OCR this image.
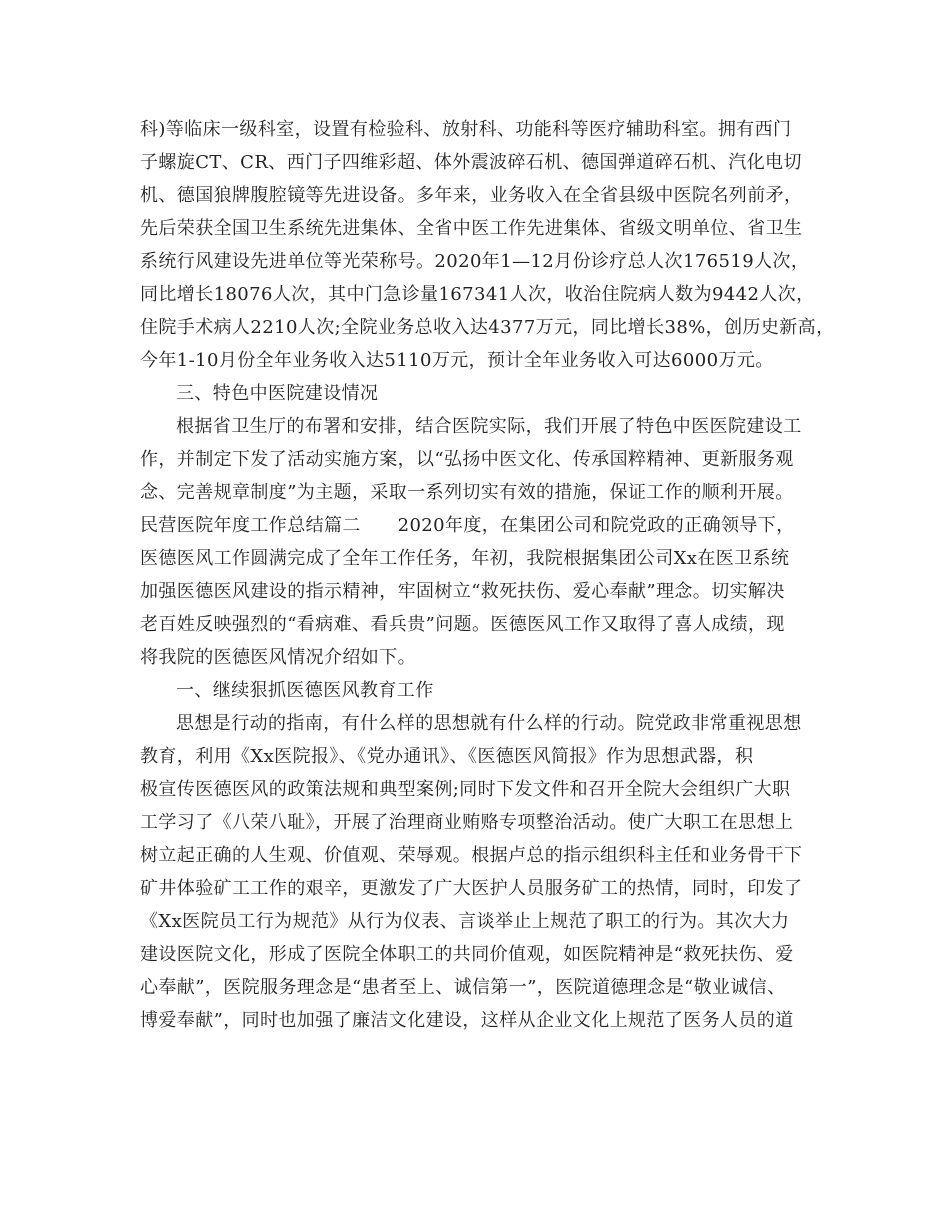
科)等临床一级科室，设置有检验科、放射科、功能科等医疗辅助科室。拥有西门
子螺旋CT、CR、西门子四维彩超、体外震波碎石机、德国弹道碎石机、汽化电切
机、德国狼牌腹腔镜等先进设备。多年来，业务收入在全省县级中医院名列前矛，
先后荣获全国卫生系统先进集体、全省中医工作先进集体、省级文明单位、省卫生
系统行风建设先进单位等光荣称号。2020年1—12月份诊疗总人次176519人次，
同比增长18076人次，其中门急诊量167341人次，收治住院病人数为9442人次，
住院手术病人2210人次;全院业务总收入达4377万元，同比增长38%，创历史新高，
今年1-10月份全年业务收入达5110万元，预计全年业务收入可达6000万元。
三、特色中医院建设情况
根据省卫生厅的布署和安排，结合医院实际，我们开展了特色中医医院建设工
作，并制定下发了活动实施方案，以“弘扬中医文化、传承国粹精神、更新服务观
念、完善规章制度”为主题，采取一系列切实有效的措施，保证工作的顺利开展。
民营医院年度工作总结篇二　　2020年度，在集团公司和院党政的正确领导下，
医德医风工作圆满完成了全年工作任务，年初，我院根据集团公司Xx在医卫系统
加强医德医风建设的指示精神，牢固树立“救死扶伤、爱心奉献”理念。切实解决
老百姓反映强烈的“看病难、看兵贵”问题。医德医风工作又取得了喜人成绩，现
将我院的医德医风情况介绍如下。
一、继续狠抓医德医风教育工作
思想是行动的指南，有什么样的思想就有什么样的行动。院党政非常重视思想
教育，利用《Xx医院报》、《党办通讯》、《医德医风简报》作为思想武器，积
极宣传医德医风的政策法规和典型案例;同时下发文件和召开全院大会组织广大职
工学习了《八荣八耻》，开展了治理商业贿赂专项整治活动。使广大职工在思想上
树立起正确的人生观、价值观、荣辱观。根据卢总的指示组织科主任和业务骨干下
矿井体验矿工工作的艰辛，更激发了广大医护人员服务矿工的热情，同时，印发了
《Xx医院员工行为规范》从行为仪表、言谈举止上规范了职工的行为。其次大力
建设医院文化，形成了医院全体职工的共同价值观，如医院精神是“救死扶伤、爱
心奉献”，医院服务理念是“患者至上、诚信第一”，医院道德理念是“敬业诚信、
博爱奉献”，同时也加强了廉洁文化建设，这样从企业文化上规范了医务人员的道
